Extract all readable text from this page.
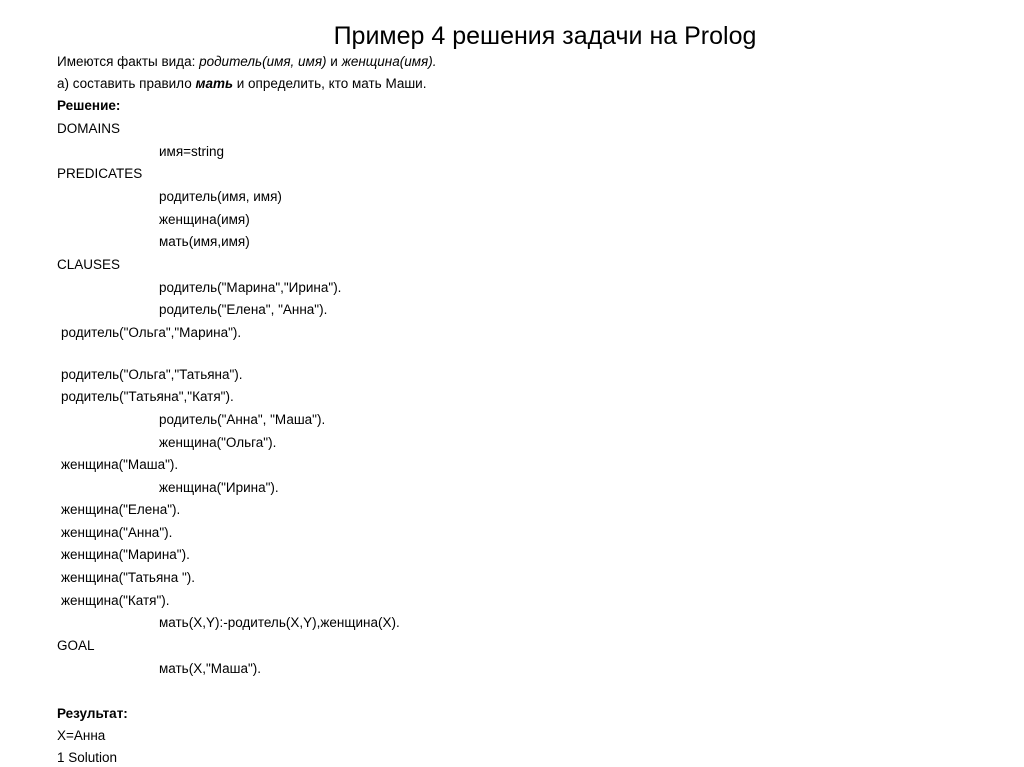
Пример 4 решения задачи на Prolog
Имеются факты вида: родитель(имя, имя) и женщина(имя).
а) составить правило мать и определить, кто мать Маши.
Решение:
DOMAINS
имя=string
PREDICATES
родитель(имя, имя)
женщина(имя)
мать(имя,имя)
CLAUSES
родитель("Марина","Ирина").
родитель("Елена", "Анна").
родитель("Ольга","Марина").
родитель("Ольга","Татьяна").
родитель("Татьяна","Катя").
родитель("Анна", "Маша").
женщина("Ольга").
женщина("Маша").
женщина("Ирина").
женщина("Елена").
женщина("Анна").
женщина("Марина").
женщина("Татьяна ").
женщина("Катя").
мать(X,Y):-родитель(X,Y),женщина(X).
GOAL
мать(X,"Маша").
Результат:
X=Анна
1 Solution
